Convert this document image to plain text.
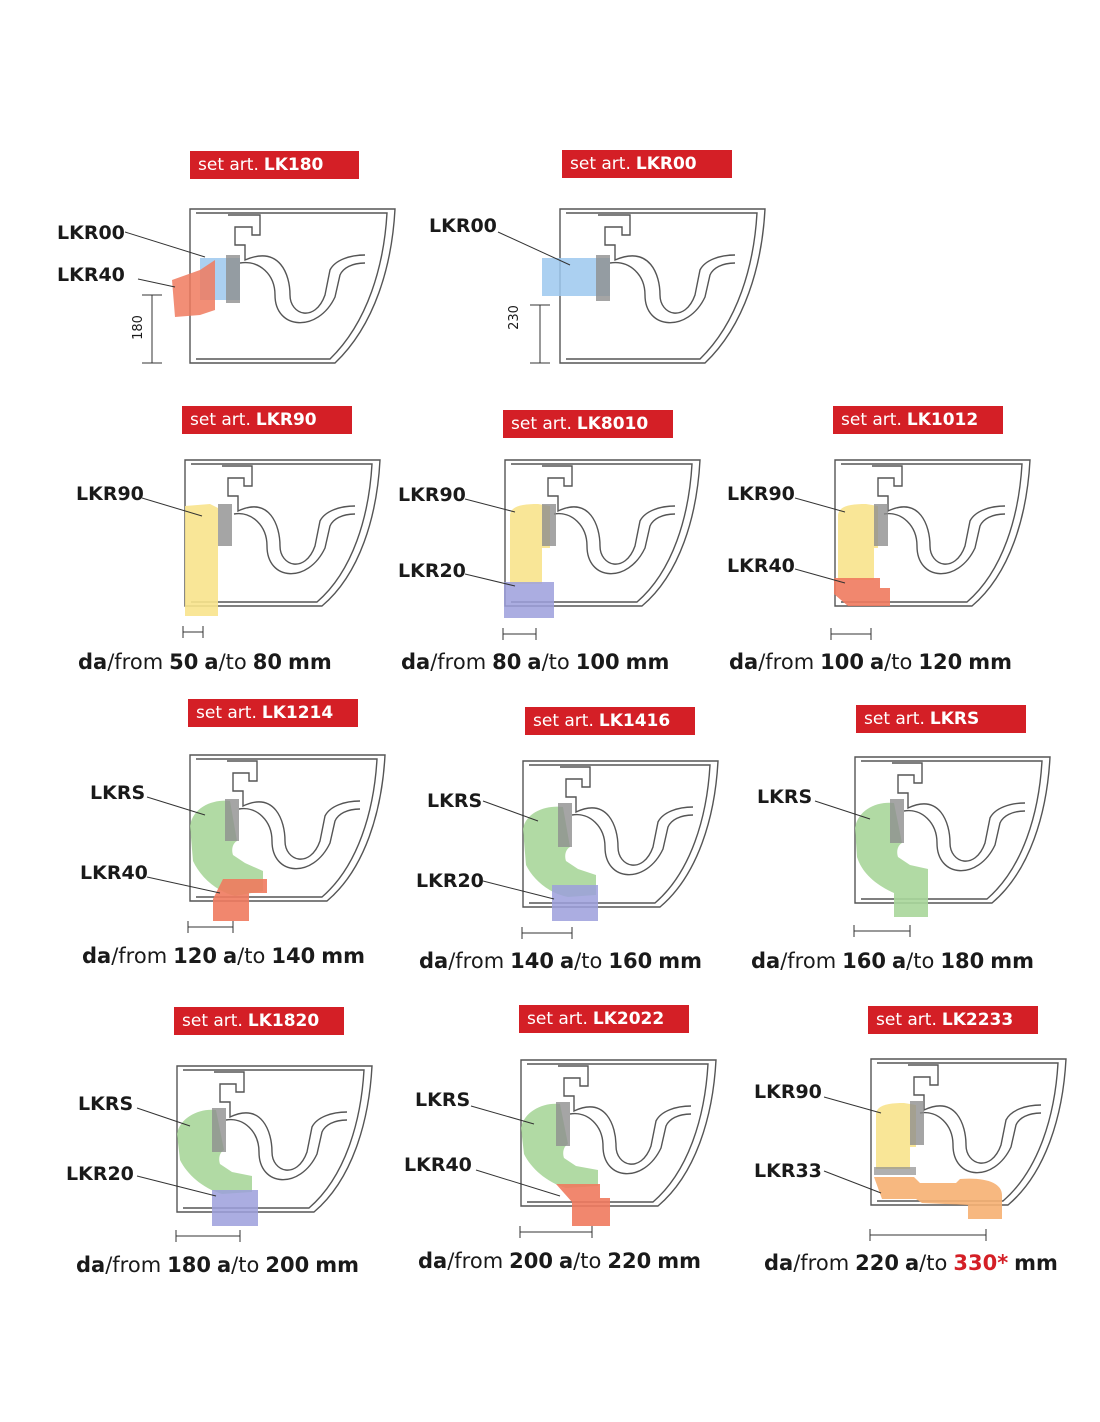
set art. LK180
180
LKR00
LKR40
set art. LKR00
230
LKR00
set art. LKR90
LKR90
da/from 50 a/to 80 mm
set art. LK8010
LKR90
LKR20
da/from 80 a/to 100 mm
set art. LK1012
LKR90
LKR40
da/from 100 a/to 120 mm
set art. LK1214
LKRS
LKR40
da/from 120 a/to 140 mm
set art. LK1416
LKRS
LKR20
da/from 140 a/to 160 mm
set art. LKRS
LKRS
da/from 160 a/to 180 mm
set art. LK1820
LKRS
LKR20
da/from 180 a/to 200 mm
set art. LK2022
LKRS
LKR40
da/from 200 a/to 220 mm
set art. LK2233
LKR90
LKR33
da/from 220 a/to 330* mm
